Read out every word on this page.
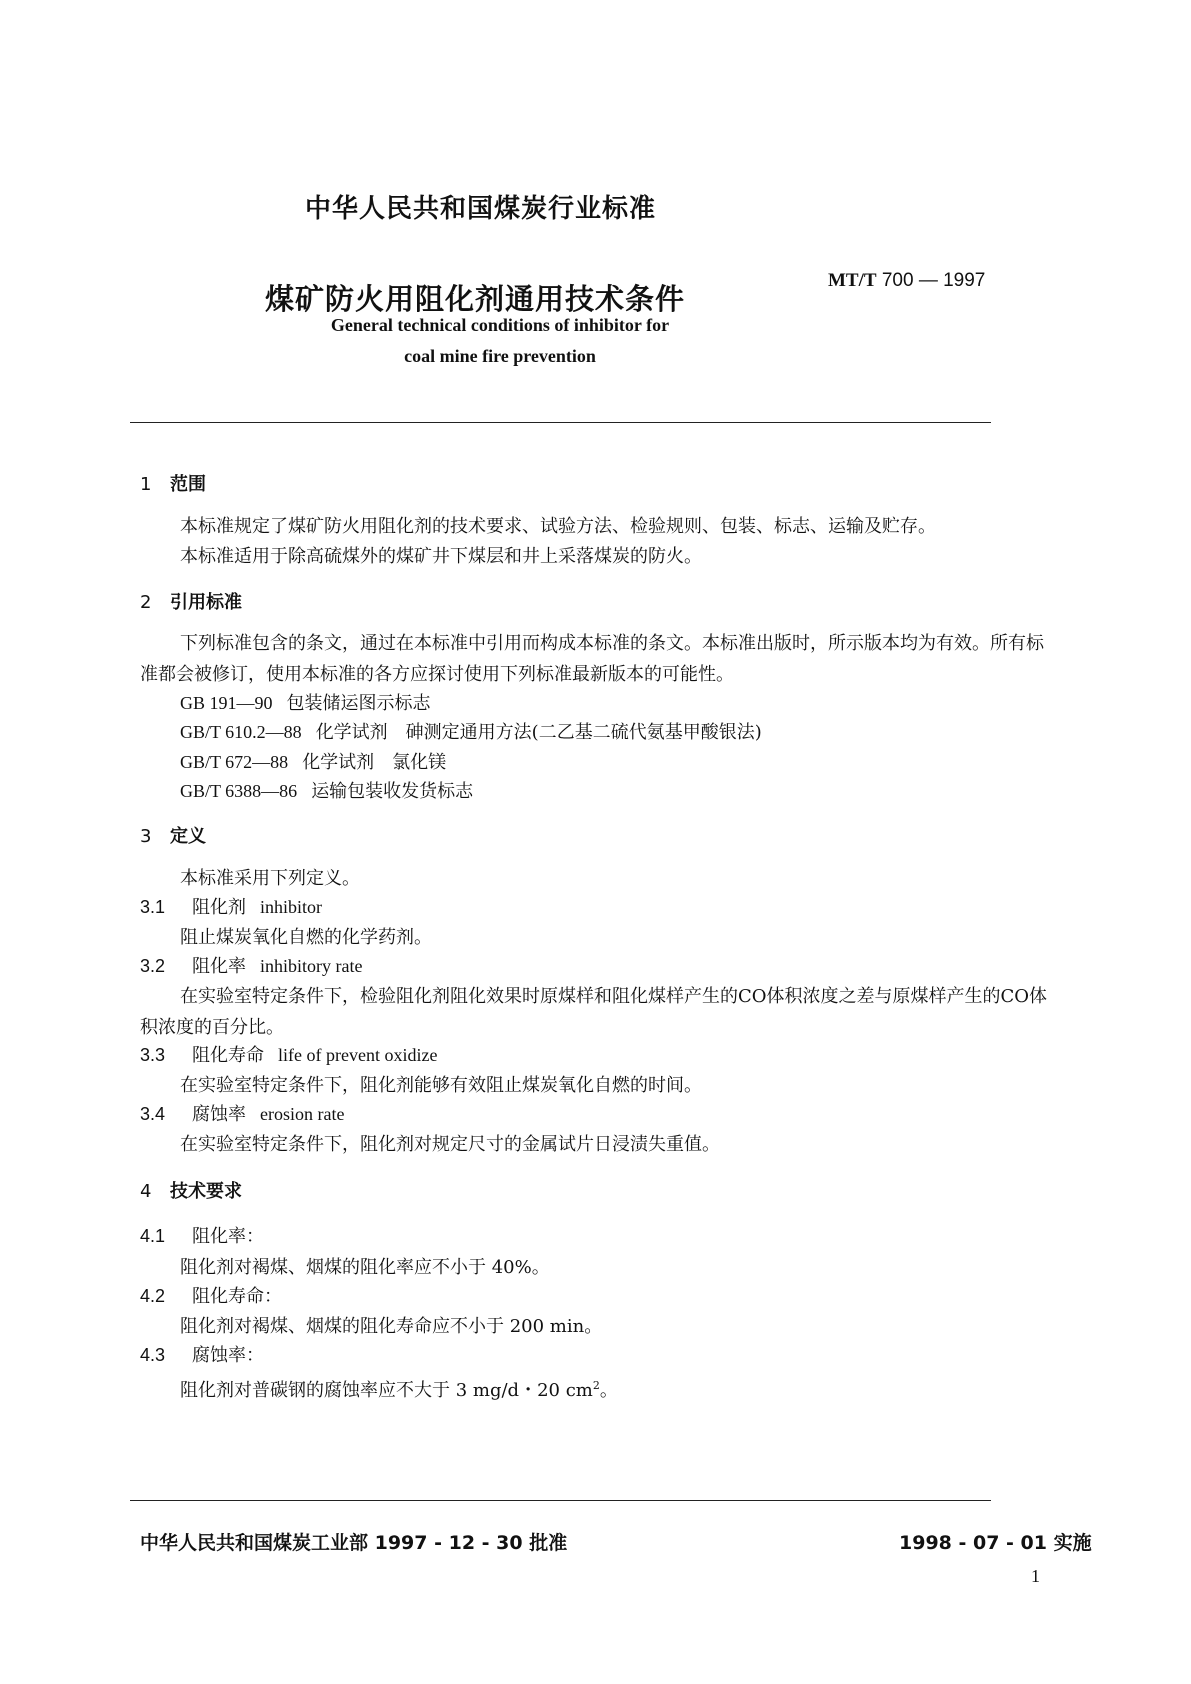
中华人民共和国煤炭行业标准
煤矿防火用阻化剂通用技术条件
MT/T 700 — 1997
General technical conditions of inhibitor for
coal mine fire prevention
1 范围
本标准规定了煤矿防火用阻化剂的技术要求、试验方法、检验规则、包装、标志、运输及贮存。
本标准适用于除高硫煤外的煤矿井下煤层和井上采落煤炭的防火。
2 引用标准
下列标准包含的条文，通过在本标准中引用而构成本标准的条文。本标准出版时，所示版本均为有效。所有标准都会被修订，使用本标准的各方应探讨使用下列标准最新版本的可能性。
GB 191—90 包装储运图示标志
GB/T 610.2—88 化学试剂　砷测定通用方法(二乙基二硫代氨基甲酸银法)
GB/T 672—88 化学试剂　氯化镁
GB/T 6388—86 运输包装收发货标志
3 定义
本标准采用下列定义。
3.1 阻化剂 inhibitor
阻止煤炭氧化自燃的化学药剂。
3.2 阻化率 inhibitory rate
在实验室特定条件下，检验阻化剂阻化效果时原煤样和阻化煤样产生的CO体积浓度之差与原煤样产生的CO体积浓度的百分比。
3.3 阻化寿命 life of prevent oxidize
在实验室特定条件下，阻化剂能够有效阻止煤炭氧化自燃的时间。
3.4 腐蚀率 erosion rate
在实验室特定条件下，阻化剂对规定尺寸的金属试片日浸渍失重值。
4 技术要求
4.1 阻化率：
阻化剂对褐煤、烟煤的阻化率应不小于 40%。
4.2 阻化寿命：
阻化剂对褐煤、烟煤的阻化寿命应不小于 200 min。
4.3 腐蚀率：
阻化剂对普碳钢的腐蚀率应不大于 3 mg/d・20 $cm^2$。
中华人民共和国煤炭工业部 1997 - 12 - 30 批准	1998 - 07 - 01 实施
1
